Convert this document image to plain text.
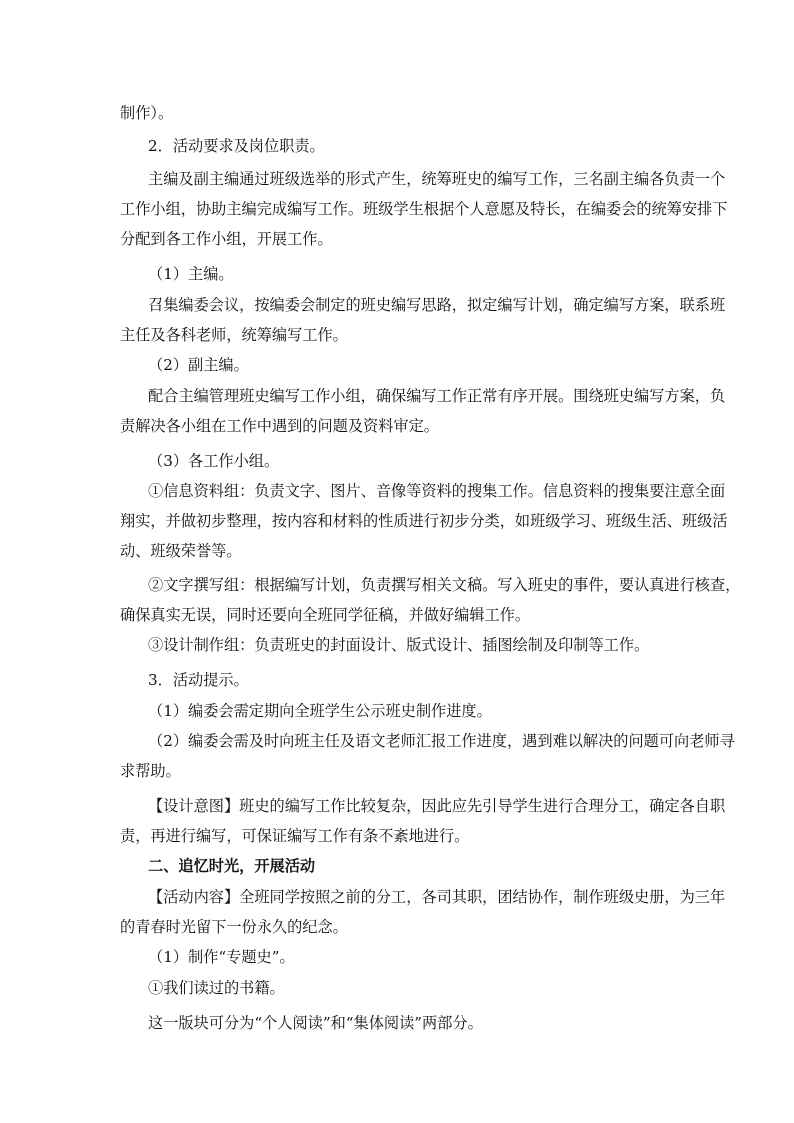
制作）。
2．活动要求及岗位职责。
主编及副主编通过班级选举的形式产生，统筹班史的编写工作，三名副主编各负责一个
工作小组，协助主编完成编写工作。班级学生根据个人意愿及特长，在编委会的统筹安排下
分配到各工作小组，开展工作。
（1）主编。
召集编委会议，按编委会制定的班史编写思路，拟定编写计划，确定编写方案，联系班
主任及各科老师，统筹编写工作。
（2）副主编。
配合主编管理班史编写工作小组，确保编写工作正常有序开展。围绕班史编写方案，负
责解决各小组在工作中遇到的问题及资料审定。
（3）各工作小组。
①信息资料组：负责文字、图片、音像等资料的搜集工作。信息资料的搜集要注意全面
翔实，并做初步整理，按内容和材料的性质进行初步分类，如班级学习、班级生活、班级活
动、班级荣誉等。
②文字撰写组：根据编写计划，负责撰写相关文稿。写入班史的事件，要认真进行核查，
确保真实无误，同时还要向全班同学征稿，并做好编辑工作。
③设计制作组：负责班史的封面设计、版式设计、插图绘制及印制等工作。
3．活动提示。
（1）编委会需定期向全班学生公示班史制作进度。
（2）编委会需及时向班主任及语文老师汇报工作进度，遇到难以解决的问题可向老师寻
求帮助。
【设计意图】班史的编写工作比较复杂，因此应先引导学生进行合理分工，确定各自职
责，再进行编写，可保证编写工作有条不紊地进行。
二、追忆时光，开展活动
【活动内容】全班同学按照之前的分工，各司其职，团结协作，制作班级史册，为三年
的青春时光留下一份永久的纪念。
（1）制作“专题史”。
①我们读过的书籍。
这一版块可分为“个人阅读”和“集体阅读”两部分。
